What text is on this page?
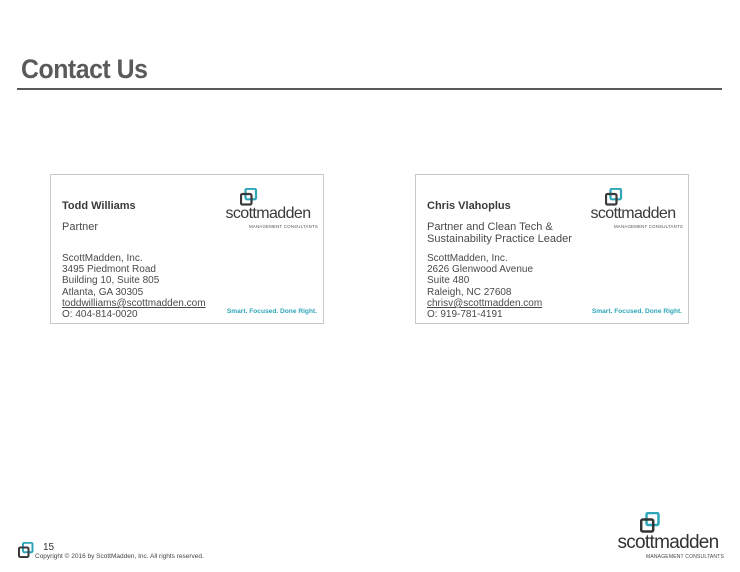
Contact Us
Todd Williams
Partner
ScottMadden, Inc.
3495 Piedmont Road
Building 10, Suite 805
Atlanta, GA 30305
toddwilliams@scottmadden.com
O: 404-814-0020
scottmadden
MANAGEMENT CONSULTANTS
Smart. Focused. Done Right.
Chris Vlahoplus
Partner and Clean Tech &
Sustainability Practice Leader
ScottMadden, Inc.
2626 Glenwood Avenue
Suite 480
Raleigh, NC 27608
chrisv@scottmadden.com
O: 919-781-4191
scottmadden
MANAGEMENT CONSULTANTS
Smart. Focused. Done Right.
15
Copyright © 2016 by ScottMadden, Inc. All rights reserved.
scottmadden
MANAGEMENT CONSULTANTS
